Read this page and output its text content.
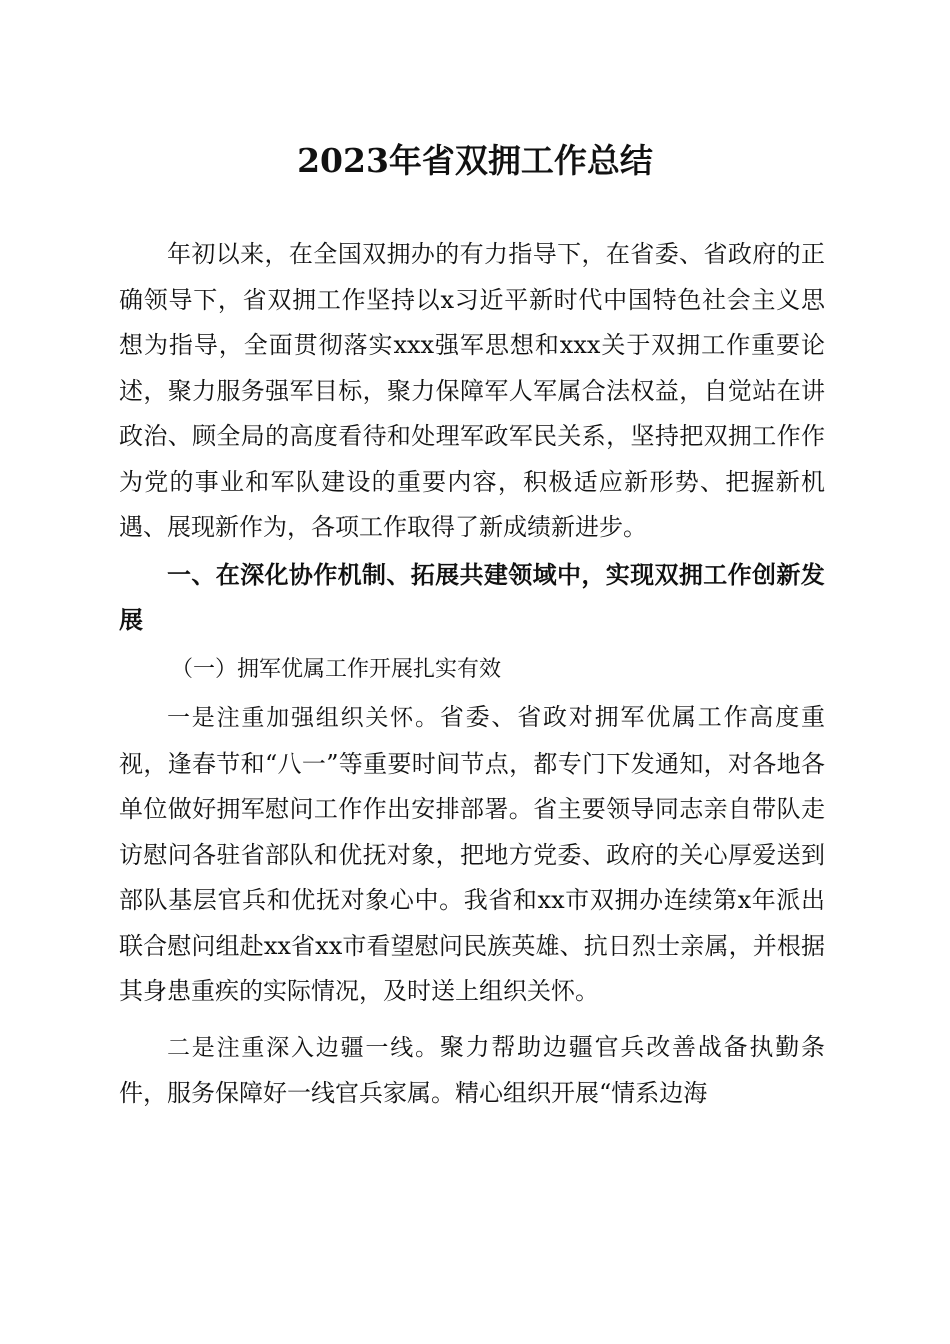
2023年省双拥工作总结

年初以来，在全国双拥办的有力指导下，在省委、省政府的正确领导下，省双拥工作坚持以x习近平新时代中国特色社会主义思想为指导，全面贯彻落实xxx强军思想和xxx关于双拥工作重要论述，聚力服务强军目标，聚力保障军人军属合法权益，自觉站在讲政治、顾全局的高度看待和处理军政军民关系，坚持把双拥工作作为党的事业和军队建设的重要内容，积极适应新形势、把握新机遇、展现新作为，各项工作取得了新成绩新进步。

一、在深化协作机制、拓展共建领域中，实现双拥工作创新发展

（一）拥军优属工作开展扎实有效

一是注重加强组织关怀。省委、省政对拥军优属工作高度重视，逢春节和“八一”等重要时间节点，都专门下发通知，对各地各单位做好拥军慰问工作作出安排部署。省主要领导同志亲自带队走访慰问各驻省部队和优抚对象，把地方党委、政府的关心厚爱送到部队基层官兵和优抚对象心中。我省和xx市双拥办连续第x年派出联合慰问组赴xx省xx市看望慰问民族英雄、抗日烈士亲属，并根据其身患重疾的实际情况，及时送上组织关怀。

二是注重深入边疆一线。聚力帮助边疆官兵改善战备执勤条件，服务保障好一线官兵家属。精心组织开展“情系边海
